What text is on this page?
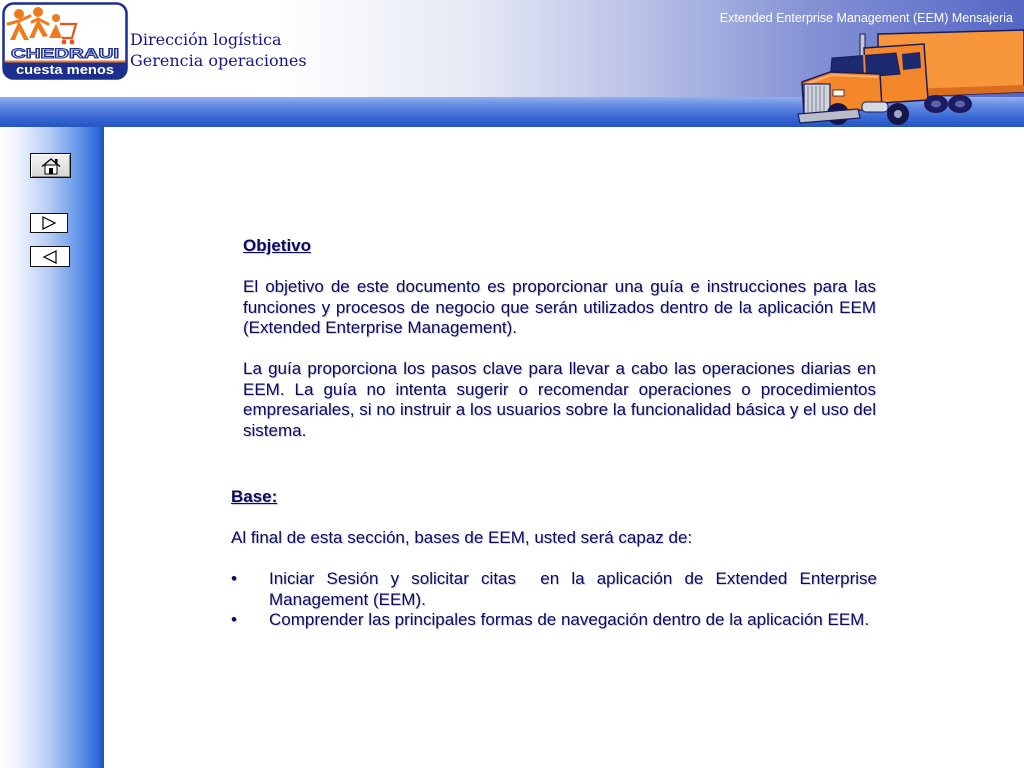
CHEDRAUI
cuesta menos
Dirección logística
Gerencia operaciones
Extended Enterprise Management (EEM) Mensajeria

Objetivo

El objetivo de este documento es proporcionar una guía e instrucciones para las funciones y procesos de negocio que serán utilizados dentro de la aplicación EEM (Extended Enterprise Management).

La guía proporciona los pasos clave para llevar a cabo las operaciones diarias en EEM. La guía no intenta sugerir o recomendar operaciones o procedimientos empresariales, si no instruir a los usuarios sobre la funcionalidad básica y el uso del sistema.

Base:

Al final de esta sección, bases de EEM, usted será capaz de:

•	Iniciar Sesión y solicitar citas  en la aplicación de Extended Enterprise Management (EEM).
•	Comprender las principales formas de navegación dentro de la aplicación EEM.
